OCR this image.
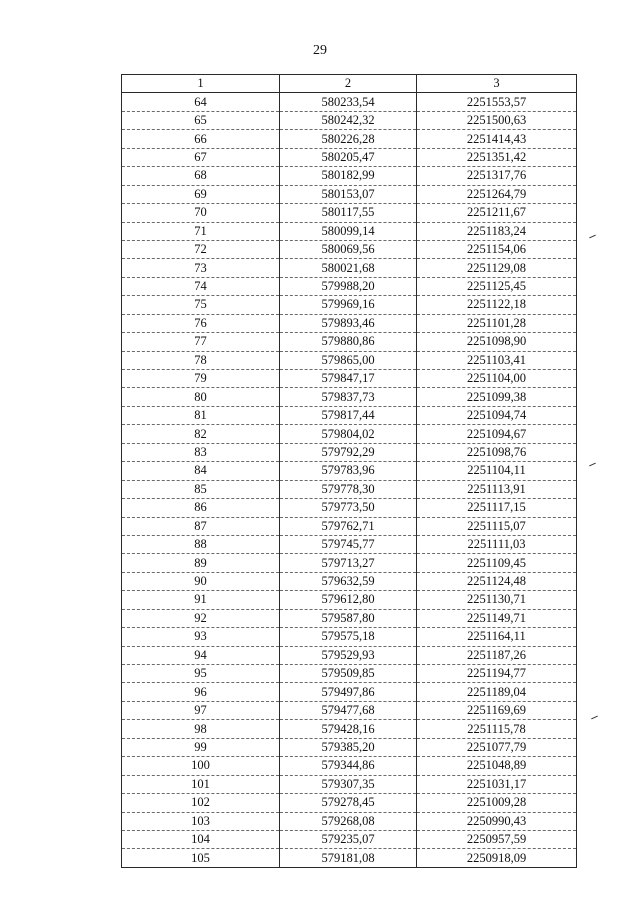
29
1	2	3
64	580233,54	2251553,57
65	580242,32	2251500,63
66	580226,28	2251414,43
67	580205,47	2251351,42
68	580182,99	2251317,76
69	580153,07	2251264,79
70	580117,55	2251211,67
71	580099,14	2251183,24
72	580069,56	2251154,06
73	580021,68	2251129,08
74	579988,20	2251125,45
75	579969,16	2251122,18
76	579893,46	2251101,28
77	579880,86	2251098,90
78	579865,00	2251103,41
79	579847,17	2251104,00
80	579837,73	2251099,38
81	579817,44	2251094,74
82	579804,02	2251094,67
83	579792,29	2251098,76
84	579783,96	2251104,11
85	579778,30	2251113,91
86	579773,50	2251117,15
87	579762,71	2251115,07
88	579745,77	2251111,03
89	579713,27	2251109,45
90	579632,59	2251124,48
91	579612,80	2251130,71
92	579587,80	2251149,71
93	579575,18	2251164,11
94	579529,93	2251187,26
95	579509,85	2251194,77
96	579497,86	2251189,04
97	579477,68	2251169,69
98	579428,16	2251115,78
99	579385,20	2251077,79
100	579344,86	2251048,89
101	579307,35	2251031,17
102	579278,45	2251009,28
103	579268,08	2250990,43
104	579235,07	2250957,59
105	579181,08	2250918,09
